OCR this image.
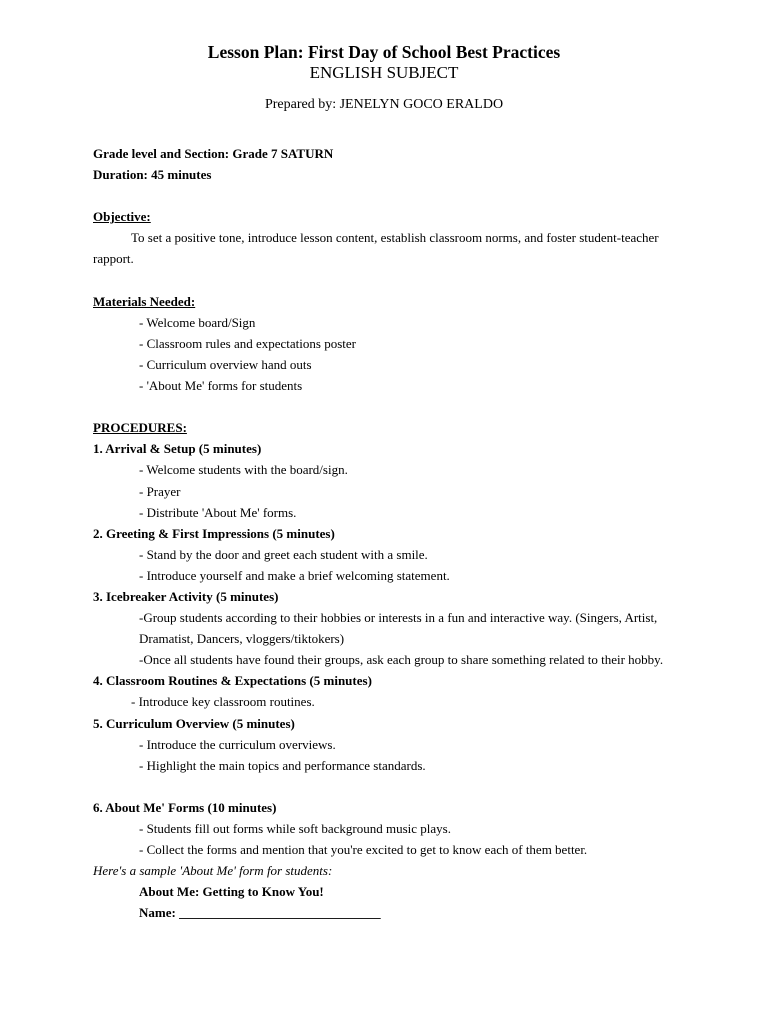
Lesson Plan: First Day of School Best Practices
ENGLISH SUBJECT
Prepared by: JENELYN GOCO ERALDO
Grade level and Section: Grade 7 SATURN
Duration: 45 minutes
Objective:
To set a positive tone, introduce lesson content, establish classroom norms, and foster student-teacher rapport.
Materials Needed:
- Welcome board/Sign
- Classroom rules and expectations poster
- Curriculum overview hand outs
- 'About Me' forms for students
PROCEDURES:
1. Arrival & Setup (5 minutes)
- Welcome students with the board/sign.
- Prayer
- Distribute 'About Me' forms.
2. Greeting & First Impressions (5 minutes)
- Stand by the door and greet each student with a smile.
- Introduce yourself and make a brief welcoming statement.
3. Icebreaker Activity (5 minutes)
-Group students according to their hobbies or interests in a fun and interactive way. (Singers, Artist, Dramatist, Dancers, vloggers/tiktokers)
-Once all students have found their groups, ask each group to share something related to their hobby.
4. Classroom Routines & Expectations (5 minutes)
- Introduce key classroom routines.
5. Curriculum Overview (5 minutes)
- Introduce the curriculum overviews.
- Highlight the main topics and performance standards.
6. About Me' Forms (10 minutes)
- Students fill out forms while soft background music plays.
- Collect the forms and mention that you're excited to get to know each of them better.
Here's a sample 'About Me' form for students:
About Me: Getting to Know You!
Name: _______________________________
